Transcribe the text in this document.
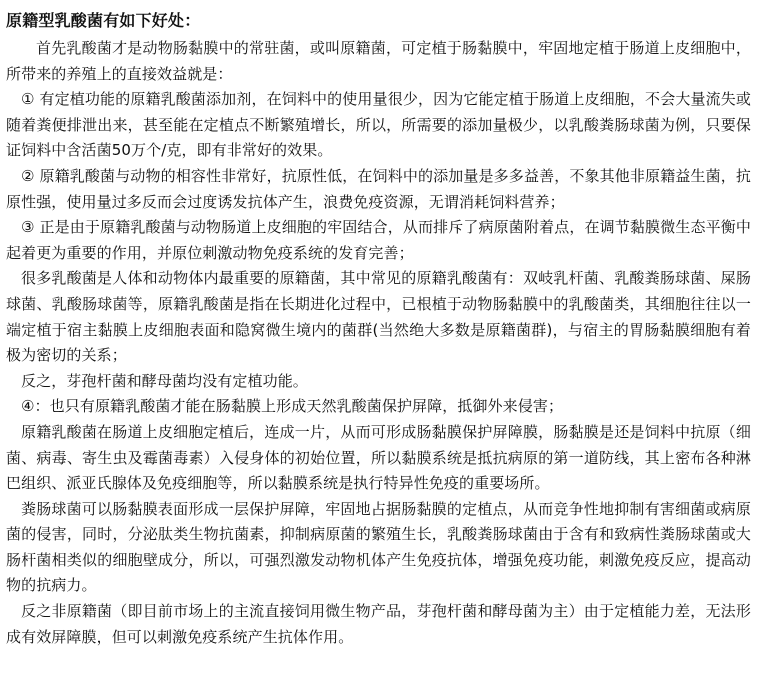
原籍型乳酸菌有如下好处：

首先乳酸菌才是动物肠黏膜中的常驻菌，或叫原籍菌，可定植于肠黏膜中，牢固地定植于肠道上皮细胞中，所带来的养殖上的直接效益就是：

① 有定植功能的原籍乳酸菌添加剂，在饲料中的使用量很少，因为它能定植于肠道上皮细胞，不会大量流失或随着粪便排泄出来，甚至能在定植点不断繁殖增长，所以，所需要的添加量极少，以乳酸粪肠球菌为例，只要保证饲料中含活菌50万个/克，即有非常好的效果。

② 原籍乳酸菌与动物的相容性非常好，抗原性低，在饲料中的添加量是多多益善，不象其他非原籍益生菌，抗原性强，使用量过多反而会过度诱发抗体产生，浪费免疫资源，无谓消耗饲料营养；

③ 正是由于原籍乳酸菌与动物肠道上皮细胞的牢固结合，从而排斥了病原菌附着点，在调节黏膜微生态平衡中起着更为重要的作用，并原位刺激动物免疫系统的发育完善；

很多乳酸菌是人体和动物体内最重要的原籍菌，其中常见的原籍乳酸菌有：双岐乳杆菌、乳酸粪肠球菌、屎肠球菌、乳酸肠球菌等，原籍乳酸菌是指在长期进化过程中，已根植于动物肠黏膜中的乳酸菌类，其细胞往往以一端定植于宿主黏膜上皮细胞表面和隐窝微生境内的菌群(当然绝大多数是原籍菌群)，与宿主的胃肠黏膜细胞有着极为密切的关系；

反之，芽孢杆菌和酵母菌均没有定植功能。

④：也只有原籍乳酸菌才能在肠黏膜上形成天然乳酸菌保护屏障，抵御外来侵害；

原籍乳酸菌在肠道上皮细胞定植后，连成一片，从而可形成肠黏膜保护屏障膜，肠黏膜是还是饲料中抗原（细菌、病毒、寄生虫及霉菌毒素）入侵身体的初始位置，所以黏膜系统是抵抗病原的第一道防线，其上密布各种淋巴组织、派亚氏腺体及免疫细胞等，所以黏膜系统是执行特异性免疫的重要场所。

粪肠球菌可以肠黏膜表面形成一层保护屏障，牢固地占据肠黏膜的定植点，从而竞争性地抑制有害细菌或病原菌的侵害，同时，分泌肽类生物抗菌素，抑制病原菌的繁殖生长，乳酸粪肠球菌由于含有和致病性粪肠球菌或大肠杆菌相类似的细胞壁成分，所以，可强烈激发动物机体产生免疫抗体，增强免疫功能，刺激免疫反应，提高动物的抗病力。

反之非原籍菌（即目前市场上的主流直接饲用微生物产品，芽孢杆菌和酵母菌为主）由于定植能力差，无法形成有效屏障膜，但可以刺激免疫系统产生抗体作用。
